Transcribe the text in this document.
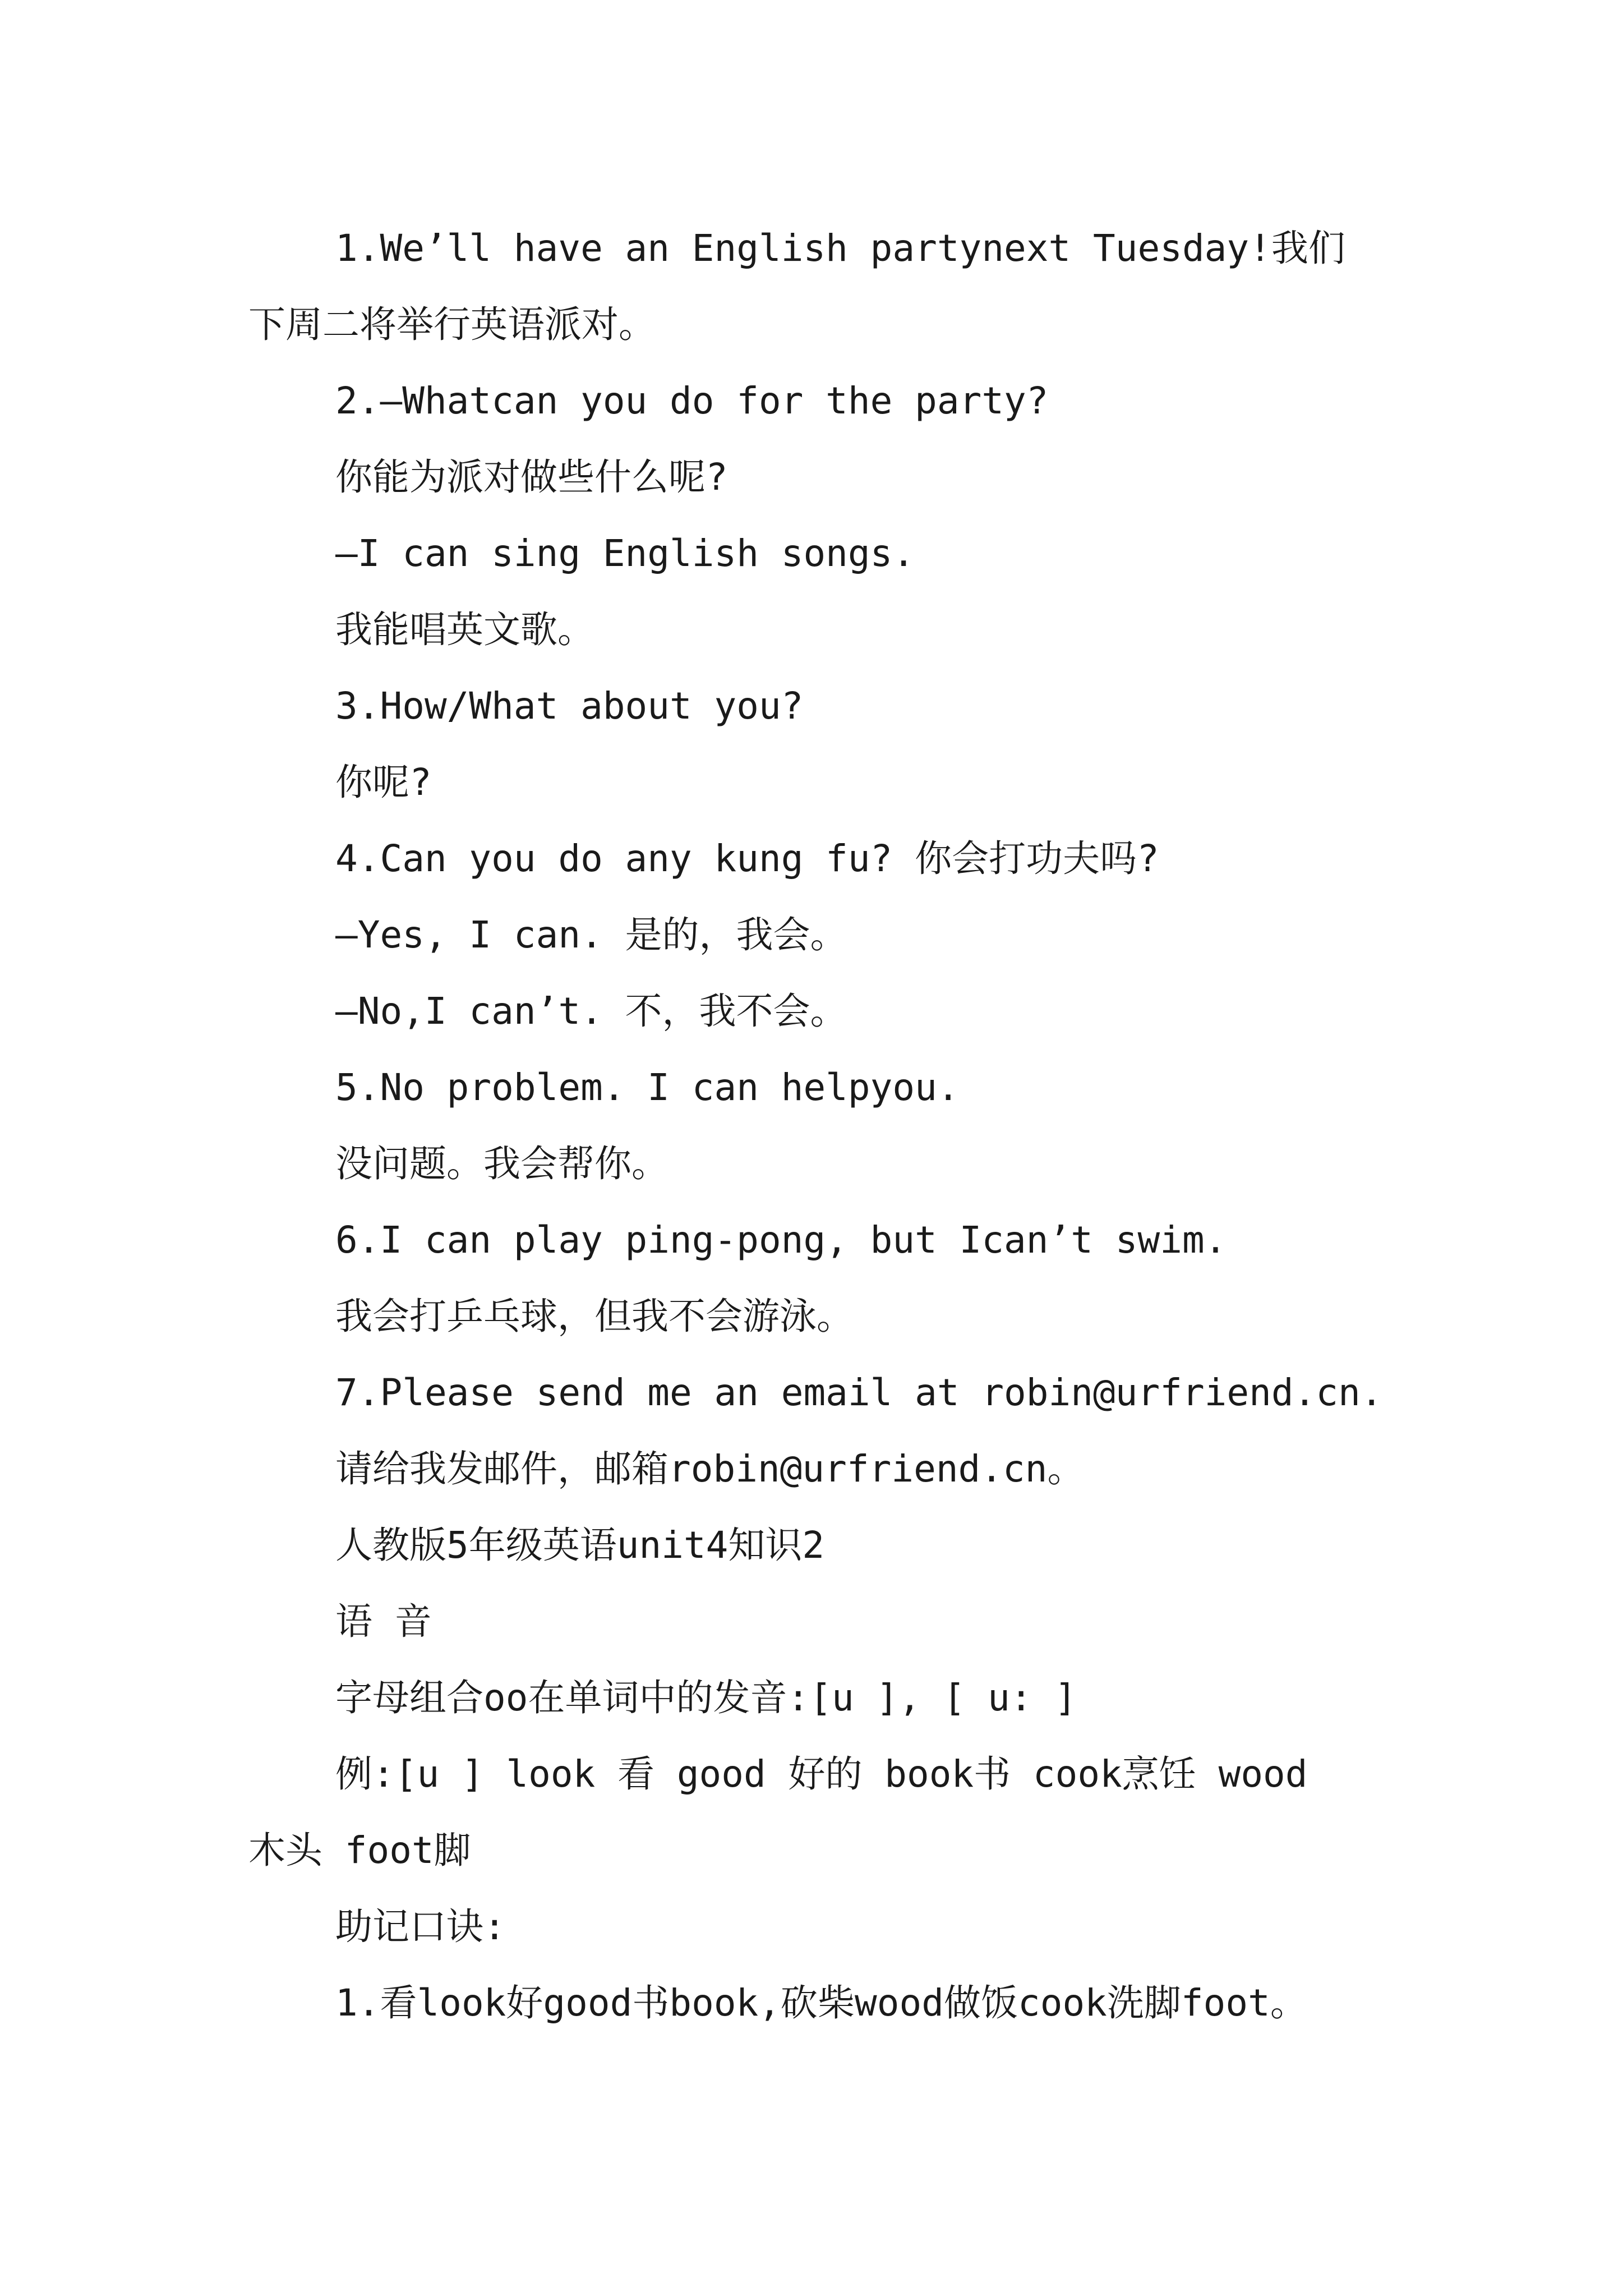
1.We’ll have an English partynext Tuesday!我们
下周二将举行英语派对。
2.—Whatcan you do for the party?
你能为派对做些什么呢?
—I can sing English songs.
我能唱英文歌。
3.How/What about you?
你呢?
4.Can you do any kung fu? 你会打功夫吗?
—Yes, I can. 是的，我会。
—No,I can’t. 不，我不会。
5.No problem. I can helpyou.
没问题。我会帮你。
6.I can play ping-pong, but Ican’t swim.
我会打乒乓球，但我不会游泳。
7.Please send me an email at robin@urfriend.cn.
请给我发邮件，邮箱robin@urfriend.cn。
人教版5年级英语unit4知识2
语 音
字母组合oo在单词中的发音:[u ], [ u: ]
例:[u ] look 看 good 好的 book书 cook烹饪 wood
木头 foot脚
助记口诀:
1.看look好good书book,砍柴wood做饭cook洗脚foot。
